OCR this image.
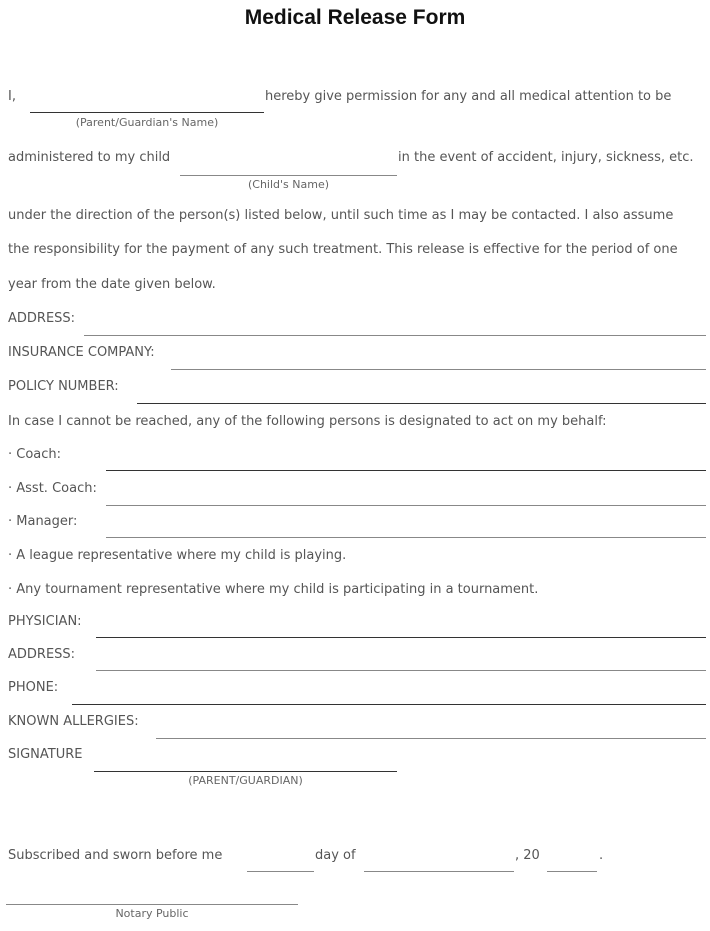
Medical Release Form
I,
(Parent/Guardian's Name)
hereby give permission for any and all medical attention to be
administered to my child
(Child's Name)
in the event of accident, injury, sickness, etc.
under the direction of the person(s) listed below, until such time as I may be contacted. I also assume
the responsibility for the payment of any such treatment. This release is effective for the period of one
year from the date given below.
ADDRESS:
INSURANCE COMPANY:
POLICY NUMBER:
In case I cannot be reached, any of the following persons is designated to act on my behalf:
· Coach:
· Asst. Coach:
· Manager:
· A league representative where my child is playing.
· Any tournament representative where my child is participating in a tournament.
PHYSICIAN:
ADDRESS:
PHONE:
KNOWN ALLERGIES:
SIGNATURE
(PARENT/GUARDIAN)
Subscribed and sworn before me	day of	, 20	.
Notary Public
